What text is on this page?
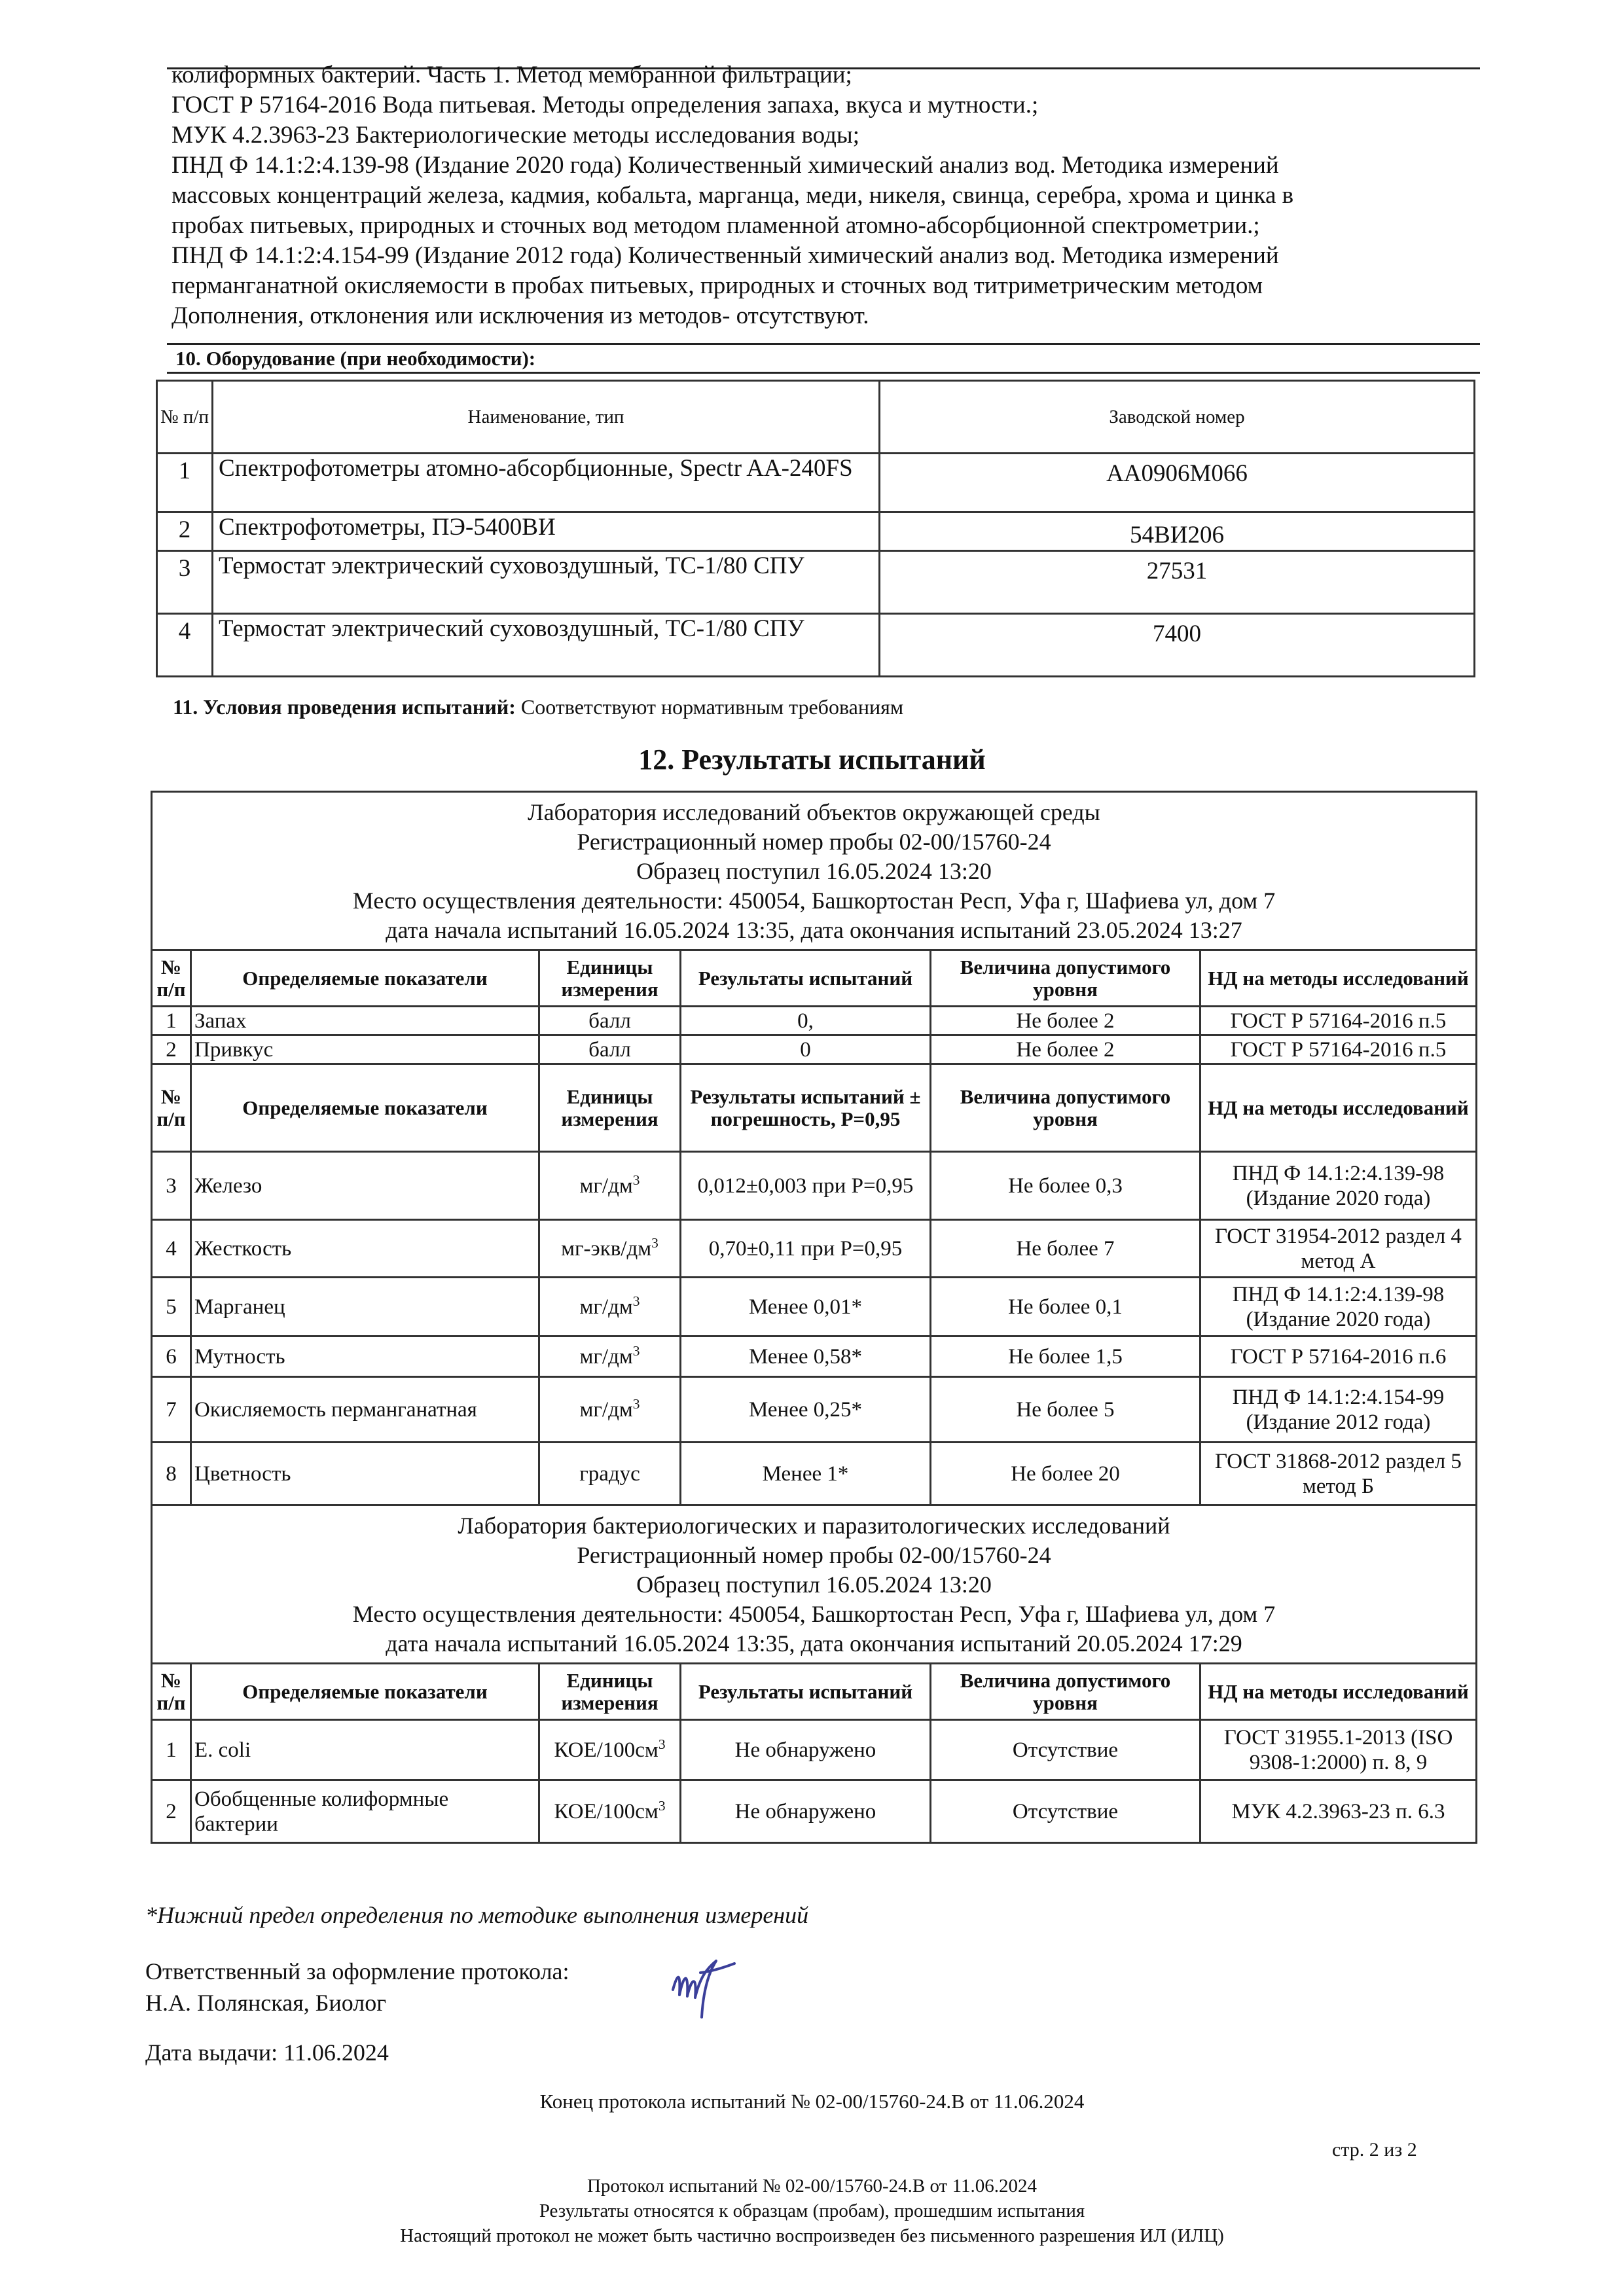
колиформных бактерий. Часть 1. Метод мембранной фильтрации;
ГОСТ Р 57164-2016 Вода питьевая. Методы определения запаха, вкуса и мутности.;
МУК 4.2.3963-23 Бактериологические методы исследования воды;
ПНД Ф 14.1:2:4.139-98 (Издание 2020 года) Количественный химический анализ вод. Методика измерений
массовых концентраций железа, кадмия, кобальта, марганца, меди, никеля, свинца, серебра, хрома и цинка в
пробах питьевых, природных и сточных вод методом пламенной атомно-абсорбционной спектрометрии.;
ПНД Ф 14.1:2:4.154-99 (Издание 2012 года) Количественный химический анализ вод. Методика измерений
перманганатной окисляемости в пробах питьевых, природных и сточных вод титриметрическим методом
Дополнения, отклонения или исключения из методов- отсутствуют.
10. Оборудование (при необходимости):
№ п/п	Наименование, тип	Заводской номер
1	Спектрофотометры атомно-абсорбционные, Spectr AA-240FS	AA0906M066
2	Спектрофотометры, ПЭ-5400ВИ	54ВИ206
3	Термостат электрический суховоздушный, ТС-1/80 СПУ	27531
4	Термостат электрический суховоздушный, ТС-1/80 СПУ	7400
11. Условия проведения испытаний: Соответствуют нормативным требованиям
12. Результаты испытаний
Лаборатория исследований объектов окружающей среды
Регистрационный номер пробы 02-00/15760-24
Образец поступил 16.05.2024 13:20
Место осуществления деятельности: 450054, Башкортостан Респ, Уфа г, Шафиева ул, дом 7
дата начала испытаний 16.05.2024 13:35, дата окончания испытаний 23.05.2024 13:27					

№ п/п	Определяемые показатели	Единицы измерения	Результаты испытаний	Величина допустимого уровня	НД на методы исследований
1	Запах	балл	0,	Не более 2	ГОСТ Р 57164-2016 п.5
2	Привкус	балл	0	Не более 2	ГОСТ Р 57164-2016 п.5
№ п/п	Определяемые показатели	Единицы измерения	Результаты испытаний ± погрешность, Р=0,95	Величина допустимого уровня	НД на методы исследований
3	Железо	$мг/дм^3$	0,012±0,003 при Р=0,95	Не более 0,3	ПНД Ф 14.1:2:4.139-98 (Издание 2020 года)
4	Жесткость	$мг-экв/дм^3$	0,70±0,11 при Р=0,95	Не более 7	ГОСТ 31954-2012 раздел 4 метод А
5	Марганец	$мг/дм^3$	Менее 0,01*	Не более 0,1	ПНД Ф 14.1:2:4.139-98 (Издание 2020 года)
6	Мутность	$мг/дм^3$	Менее 0,58*	Не более 1,5	ГОСТ Р 57164-2016 п.6
7	Окисляемость перманганатная	$мг/дм^3$	Менее 0,25*	Не более 5	ПНД Ф 14.1:2:4.154-99 (Издание 2012 года)
8	Цветность	градус	Менее 1*	Не более 20	ГОСТ 31868-2012 раздел 5 метод Б

Лаборатория бактериологических и паразитологических исследований
Регистрационный номер пробы 02-00/15760-24
Образец поступил 16.05.2024 13:20
Место осуществления деятельности: 450054, Башкортостан Респ, Уфа г, Шафиева ул, дом 7
дата начала испытаний 16.05.2024 13:35, дата окончания испытаний 20.05.2024 17:29					

№ п/п	Определяемые показатели	Единицы измерения	Результаты испытаний	Величина допустимого уровня	НД на методы исследований
1	E. coli	КОЕ/$100см^3$	Не обнаружено	Отсутствие	ГОСТ 31955.1-2013 (ISO 9308-1:2000) п. 8, 9
2	Обобщенные колиформные бактерии	КОЕ/$100см^3$	Не обнаружено	Отсутствие	МУК 4.2.3963-23 п. 6.3
*Нижний предел определения по методике выполнения измерений
Ответственный за оформление протокола:
Н.А. Полянская, Биолог
Дата выдачи: 11.06.2024
Конец протокола испытаний № 02-00/15760-24.В от 11.06.2024
стр. 2 из 2
Протокол испытаний № 02-00/15760-24.В от 11.06.2024
Результаты относятся к образцам (пробам), прошедшим испытания
Настоящий протокол не может быть частично воспроизведен без письменного разрешения ИЛ (ИЛЦ)
